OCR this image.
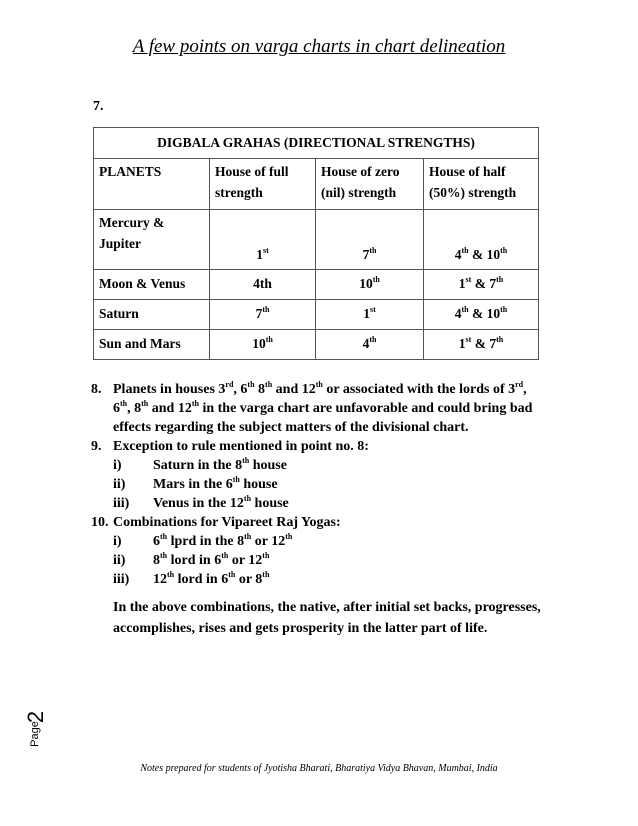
A few points on varga charts in chart delineation
7.
DIGBALA GRAHAS (DIRECTIONAL STRENGTHS)			
PLANETS	House of full strength	House of zero (nil) strength	House of half (50%) strength
Mercury & Jupiter	1st	7th	4th & 10th
Moon & Venus	4th	10th	1st & 7th
Saturn	7th	1st	4th & 10th
Sun and Mars	10th	4th	1st & 7th
8. Planets in houses 3rd, 6th 8th and 12th or associated with the lords of 3rd,
6th, 8th and 12th in the varga chart are unfavorable and could bring bad
effects regarding the subject matters of the divisional chart.
9. Exception to rule mentioned in point no. 8:
i)	Saturn in the 8th house
ii)	Mars in the 6th house
iii)	Venus in the 12th house
10. Combinations for Vipareet Raj Yogas:
i)	6th lprd in the 8th or 12th
ii)	8th lord in 6th or 12th
iii)	12th lord in 6th or 8th
In the above combinations, the native, after initial set backs, progresses, accomplishes, rises and gets prosperity in the latter part of life.
2
Page
Notes prepared for students of Jyotisha Bharati, Bharatiya Vidya Bhavan, Mumbai, India
